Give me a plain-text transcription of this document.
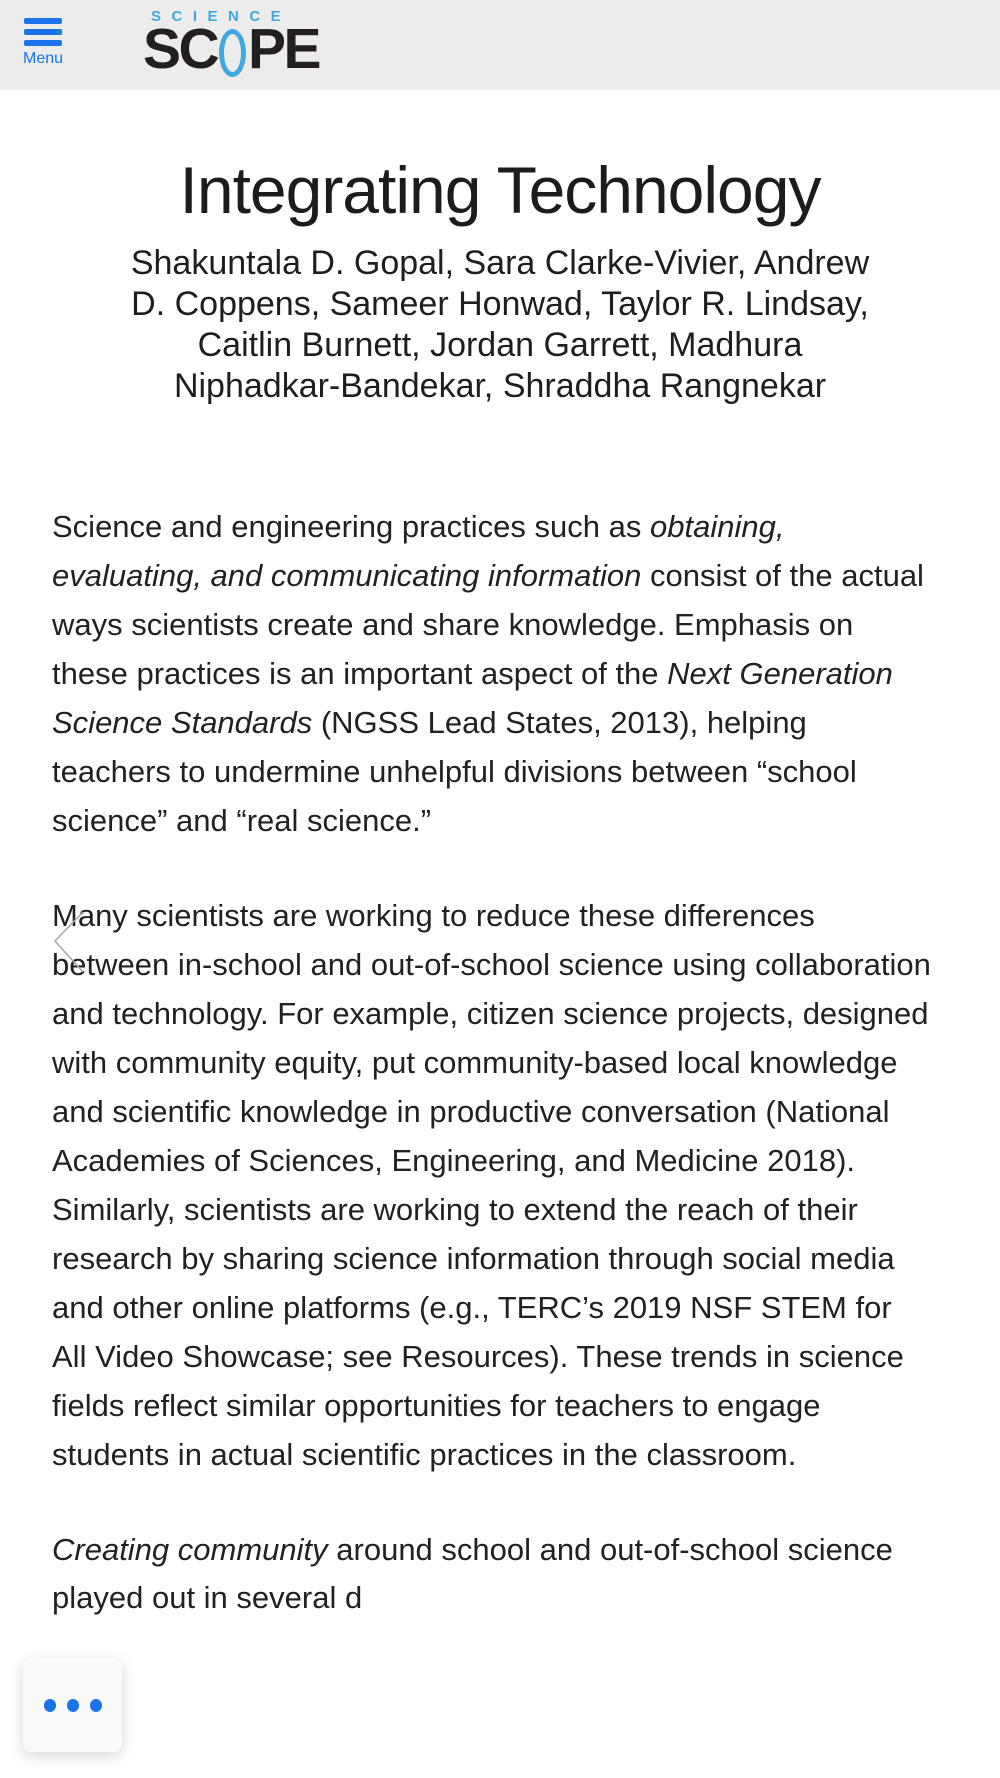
Menu
SCIENCE
SC PE
Integrating Technology
Shakuntala D. Gopal, Sara Clarke-Vivier, Andrew D. Coppens, Sameer Honwad, Taylor R. Lindsay, Caitlin Burnett, Jordan Garrett, Madhura Niphadkar-Bandekar, Shraddha Rangnekar

Science and engineering practices such as obtaining, evaluating, and communicating information consist of the actual ways scientists create and share knowledge. Emphasis on these practices is an important aspect of the Next Generation Science Standards (NGSS Lead States, 2013), helping teachers to undermine unhelpful divisions between “school science” and “real science.”

Many scientists are working to reduce these differences between in-school and out-of-school science using collaboration and technology. For example, citizen science projects, designed with community equity, put community-based local knowledge and scientific knowledge in productive conversation (National Academies of Sciences, Engineering, and Medicine 2018). Similarly, scientists are working to extend the reach of their research by sharing science information through social media and other online platforms (e.g., TERC’s 2019 NSF STEM for All Video Showcase; see Resources). These trends in science fields reflect similar opportunities for teachers to engage students in actual scientific practices in the classroom.

Creating community around school and out-of-school science played out in several d
